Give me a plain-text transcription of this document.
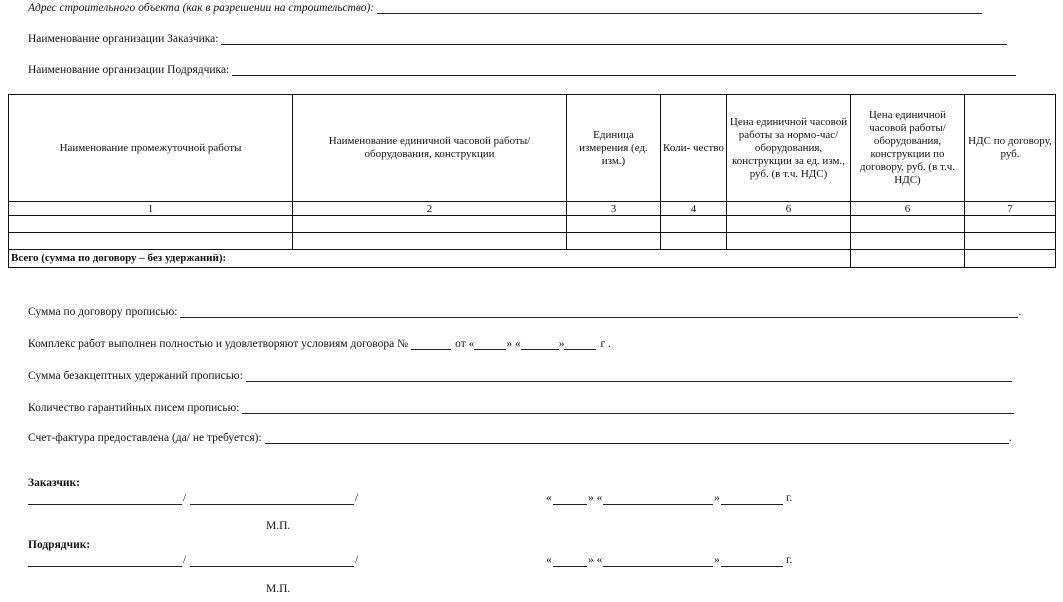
Адрес строительного объекта (как в разрешении на строительство):
Наименование организации Заказчика:
Наименование организации Подрядчика:
Наименование промежуточной работы	Наименование единичной часовой работы/ оборудования, конструкции	Единица измерения (ед. изм.)	Коли- чество	Цена единичной часовой работы за нормо-час/ оборудования, конструкции за ед. изм., руб. (в т.ч. НДС)	Цена единичной часовой работы/ оборудования, конструкции по договору, руб. (в т.ч. НДС)	НДС по договору, руб.
1	2	3	4	6	6	7

Всего (сумма по договору – без удержаний):						
Сумма по договору прописью:	.
Комплекс работ выполнен полностью и удовлетворяют условиям договора №	от «	» «	»	г .
Сумма безакцептных удержаний прописью:
Количество гарантийных писем прописью:
Счет-фактура предоставлена (да/ не требуется):	.
Заказчик:
/	/	«	» «	»	г.
М.П.
Подрядчик:
/	/	«	» «	»	г.
М.П.
